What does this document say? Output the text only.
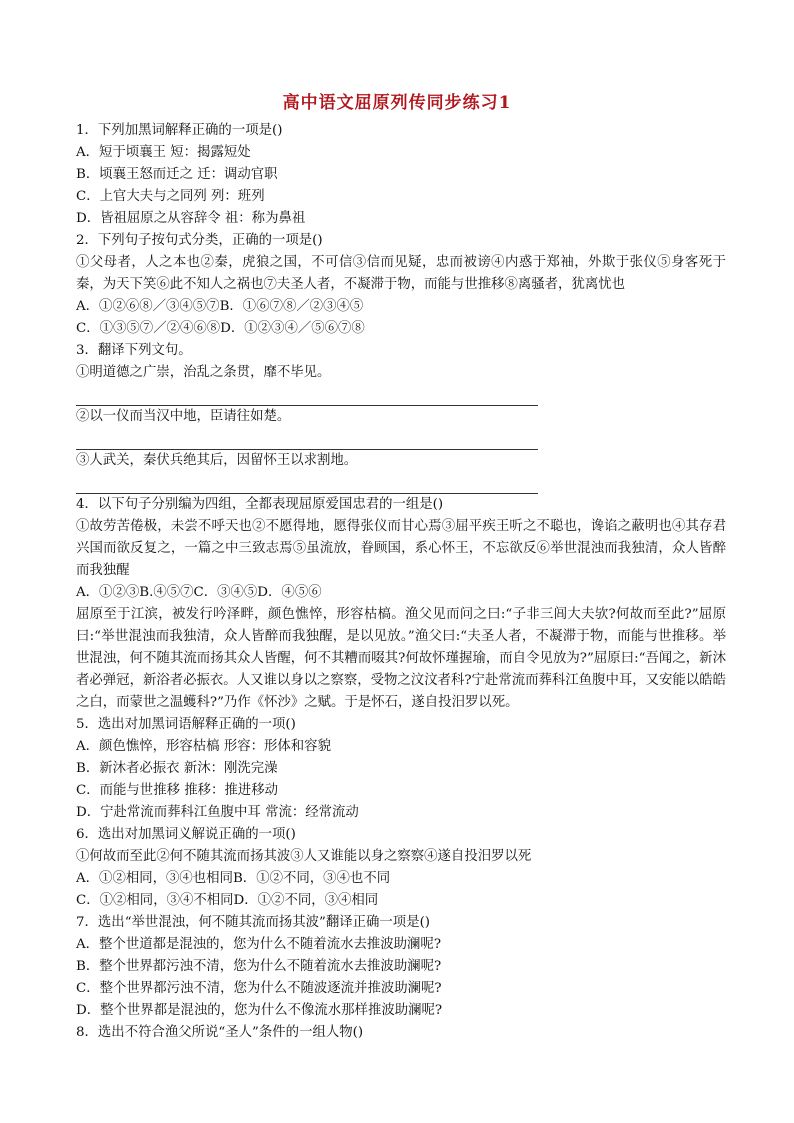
高中语文屈原列传同步练习1
1．下列加黑词解释正确的一项是()
A．短于顷襄王 短：揭露短处
B．顷襄王怒而迁之 迁：调动官职
C．上官大夫与之同列 列：班列
D．皆祖屈原之从容辞令 祖：称为鼻祖
2．下列句子按句式分类，正确的一项是()
①父母者，人之本也②秦，虎狼之国，不可信③信而见疑，忠而被谤④内惑于郑袖，外欺于张仪⑤身客死于秦，为天下笑⑥此不知人之祸也⑦夫圣人者，不凝滞于物，而能与世推移⑧离骚者，犹离忧也
A．①②⑥⑧／③④⑤⑦B．①⑥⑦⑧／②③④⑤
C．①③⑤⑦／②④⑥⑧D．①②③④／⑤⑥⑦⑧
3．翻译下列文句。
①明道德之广崇，治乱之条贯，靡不毕见。
②以一仪而当汉中地，臣请往如楚。
③人武关，秦伏兵绝其后，因留怀王以求割地。
4．以下句子分别编为四组，全都表现屈原爱国忠君的一组是()
①故劳苦倦极，未尝不呼天也②不愿得地，愿得张仪而甘心焉③屈平疾王听之不聪也，谗谄之蔽明也④其存君兴国而欲反复之，一篇之中三致志焉⑤虽流放，眷顾国，系心怀王，不忘欲反⑥举世混浊而我独清，众人皆醉而我独醒
A．①②③B.④⑤⑦C．③④⑤D．④⑤⑥
屈原至于江滨，被发行吟泽畔，颜色憔悴，形容枯槁。渔父见而问之曰:“子非三闾大夫欤?何故而至此?”屈原曰:“举世混浊而我独清，众人皆醉而我独醒，是以见放。”渔父曰:“夫圣人者，不凝滞于物，而能与世推移。举世混浊，何不随其流而扬其众人皆醒，何不其糟而啜其?何故怀瑾握瑜，而自令见放为?”屈原曰:“吾闻之，新沐者必弹冠，新浴者必振衣。人又谁以身以之察察，受物之汶汶者科?宁赴常流而葬科江鱼腹中耳，又安能以皓皓之白，而蒙世之温蠖科?”乃作《怀沙》之赋。于是怀石，遂自投汨罗以死。
5．选出对加黑词语解释正确的一项()
A．颜色憔悴，形容枯槁 形容：形体和容貌
B．新沐者必振衣 新沐：刚洗完澡
C．而能与世推移 推移：推进移动
D．宁赴常流而葬科江鱼腹中耳 常流：经常流动
6．选出对加黑词义解说正确的一项()
①何故而至此②何不随其流而扬其波③人又谁能以身之察察④遂自投汨罗以死
A．①②相同，③④也相同B．①②不同，③④也不同
C．①②相同，③④不相同D．①②不同，③④相同
7．选出“举世混浊，何不随其流而扬其波”翻译正确一项是()
A．整个世道都是混浊的，您为什么不随着流水去推波助澜呢?
B．整个世界都污浊不清，您为什么不随着流水去推波助澜呢?
C．整个世界都污浊不清，您为什么不随波逐流并推波助澜呢?
D．整个世界都是混浊的，您为什么不像流水那样推波助澜呢?
8．选出不符合渔父所说“圣人”条件的一组人物()
